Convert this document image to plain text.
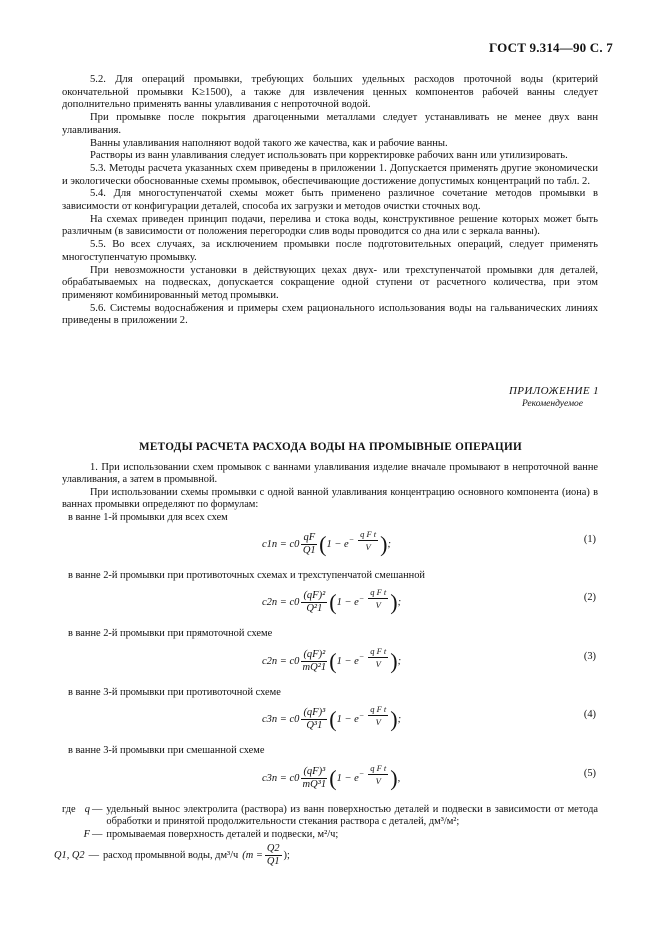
ГОСТ 9.314—90 С. 7

5.2. Для операций промывки, требующих больших удельных расходов проточной воды (критерий окончательной промывки K≥1500), а также для извлечения ценных компонентов рабочей ванны следует дополнительно применять ванны улавливания с непроточной водой.

При промывке после покрытия драгоценными металлами следует устанавливать не менее двух ванн улавливания.

Ванны улавливания наполняют водой такого же качества, как и рабочие ванны.

Растворы из ванн улавливания следует использовать при корректировке рабочих ванн или утилизировать.

5.3. Методы расчета указанных схем приведены в приложении 1. Допускается применять другие экономически и экологически обоснованные схемы промывок, обеспечивающие достижение допустимых концентраций по табл. 2.

5.4. Для многоступенчатой схемы может быть применено различное сочетание методов промывки в зависимости от конфигурации деталей, способа их загрузки и методов очистки сточных вод.

На схемах приведен принцип подачи, перелива и стока воды, конструктивное решение которых может быть различным (в зависимости от положения перегородки слив воды проводится со дна или с зеркала ванны).

5.5. Во всех случаях, за исключением промывки после подготовительных операций, следует применять многоступенчатую промывку.

При невозможности установки в действующих цехах двух- или трехступенчатой промывки для деталей, обрабатываемых на подвесках, допускается сокращение одной ступени от расчетного количества, при этом применяют комбинированный метод промывки.

5.6. Системы водоснабжения и примеры схем рационального использования воды на гальванических линиях приведены в приложении 2.

ПРИЛОЖЕНИЕ 1
Рекомендуемое
МЕТОДЫ РАСЧЕТА РАСХОДА ВОДЫ НА ПРОМЫВНЫЕ ОПЕРАЦИИ

1. При использовании схем промывок с ваннами улавливания изделие вначале промывают в непроточной ванне улавливания, а затем в промывной.

При использовании схемы промывки с одной ванной улавливания концентрацию основного компонента (иона) в ваннах промывки определяют по формулам:

в ванне 1-й промывки для всех схем

$c1п = c0 \frac{qF}{Q1} (1 - e^{- \frac{\text{q F t}}{V}}$ );	(1)

в ванне 2-й промывки при противоточных схемах и трехступенчатой смешанной

$c2п = c0 \frac{\text{(qF)²}}{\text{Q²1}} (1 - e^{- \frac{\text{q F t}}{V}}$ );	(2)

в ванне 2-й промывки при прямоточной схеме

$c2п = c0 \frac{\text{(qF)²}}{\text{mQ²1}} (1 - e^{- \frac{\text{q F t}}{V}}$ );	(3)

в ванне 3-й промывки при противоточной схеме

$c3п = c0 \frac{\text{(qF)³}}{\text{Q³1}} (1 - e^{- \frac{\text{q F t}}{V}}$ );	(4)

в ванне 3-й промывки при смешанной схеме

$c3п = c0 \frac{\text{(qF)³}}{\text{mQ³1}} (1 - e^{- \frac{\text{q F t}}{V}}$ ),	(5)
где q — удельный вынос электролита (раствора) из ванн поверхностью деталей и подвески в зависимости от метода обработки и принятой продолжительности стекания раствора с деталей, дм³/м²;
F — промываемая поверхность деталей и подвески, м²/ч;
Q1, Q2 — расход промывной воды, дм³/ч ($m = \frac{Q2}{Q1}$ );
